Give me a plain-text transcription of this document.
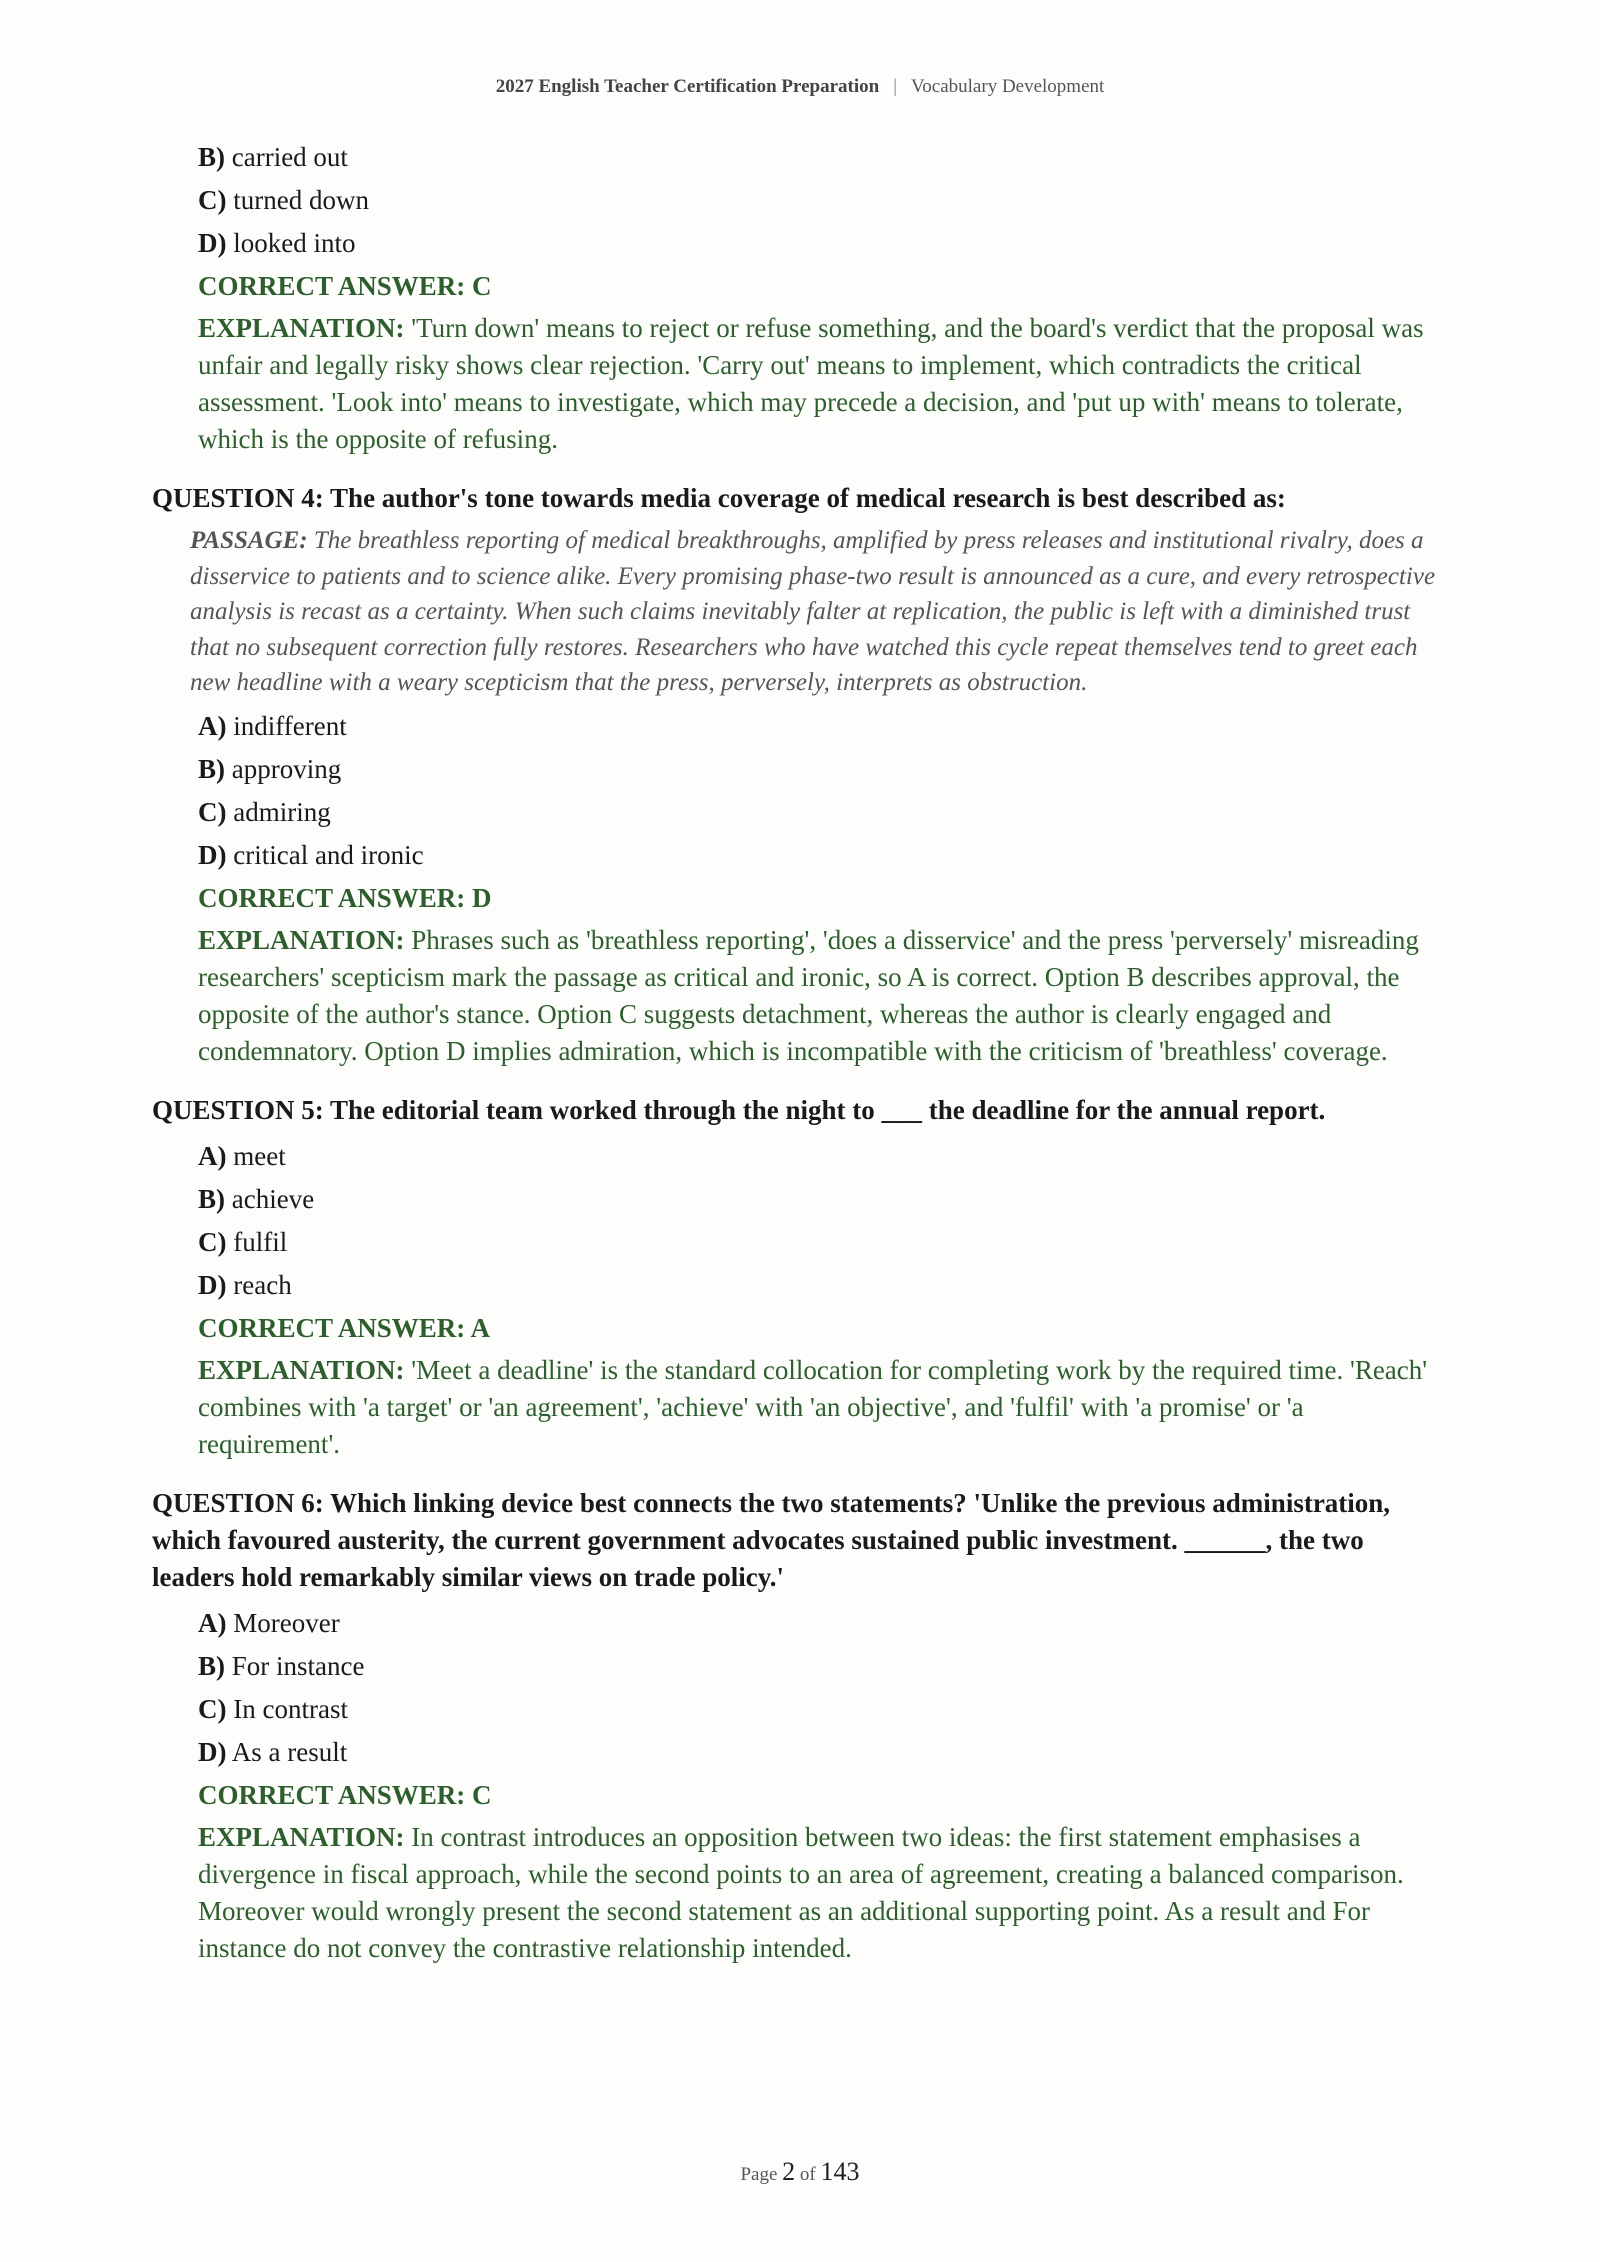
2027 English Teacher Certification Preparation | Vocabulary Development
B) carried out
C) turned down
D) looked into
CORRECT ANSWER: C
EXPLANATION: 'Turn down' means to reject or refuse something, and the board's verdict that the proposal was unfair and legally risky shows clear rejection. 'Carry out' means to implement, which contradicts the critical assessment. 'Look into' means to investigate, which may precede a decision, and 'put up with' means to tolerate, which is the opposite of refusing.
QUESTION 4: The author's tone towards media coverage of medical research is best described as:
PASSAGE: The breathless reporting of medical breakthroughs, amplified by press releases and institutional rivalry, does a disservice to patients and to science alike. Every promising phase-two result is announced as a cure, and every retrospective analysis is recast as a certainty. When such claims inevitably falter at replication, the public is left with a diminished trust that no subsequent correction fully restores. Researchers who have watched this cycle repeat themselves tend to greet each new headline with a weary scepticism that the press, perversely, interprets as obstruction.
A) indifferent
B) approving
C) admiring
D) critical and ironic
CORRECT ANSWER: D
EXPLANATION: Phrases such as 'breathless reporting', 'does a disservice' and the press 'perversely' misreading researchers' scepticism mark the passage as critical and ironic, so A is correct. Option B describes approval, the opposite of the author's stance. Option C suggests detachment, whereas the author is clearly engaged and condemnatory. Option D implies admiration, which is incompatible with the criticism of 'breathless' coverage.
QUESTION 5: The editorial team worked through the night to ___ the deadline for the annual report.
A) meet
B) achieve
C) fulfil
D) reach
CORRECT ANSWER: A
EXPLANATION: 'Meet a deadline' is the standard collocation for completing work by the required time. 'Reach' combines with 'a target' or 'an agreement', 'achieve' with 'an objective', and 'fulfil' with 'a promise' or 'a requirement'.
QUESTION 6: Which linking device best connects the two statements? 'Unlike the previous administration, which favoured austerity, the current government advocates sustained public investment. ______, the two leaders hold remarkably similar views on trade policy.'
A) Moreover
B) For instance
C) In contrast
D) As a result
CORRECT ANSWER: C
EXPLANATION: In contrast introduces an opposition between two ideas: the first statement emphasises a divergence in fiscal approach, while the second points to an area of agreement, creating a balanced comparison. Moreover would wrongly present the second statement as an additional supporting point. As a result and For instance do not convey the contrastive relationship intended.
Page 2 of 143
